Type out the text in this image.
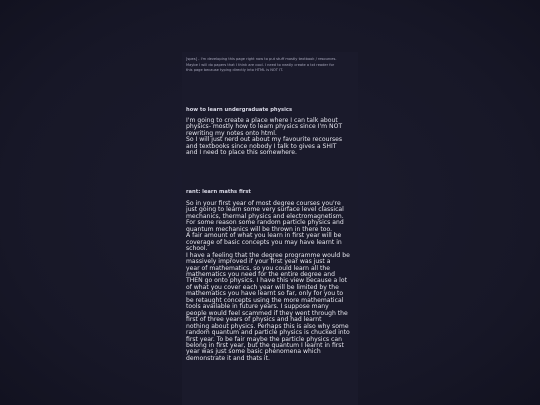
[spes] - I'm developing this page right now to put stuff mostly textbook / resources.
Maybe I will do papers that I think are cool. I need to neatly create a txt reader for
this page because typing directly into HTML is NOT IT.
how to learn undergraduate physics
I'm going to create a place where I can talk about
physics- mostly how to learn physics since I'm NOT
rewriting my notes onto html.
So I will just nerd out about my favourite recourses
and textbooks since nobody I talk to gives a SHIT
and I need to place this somewhere.
rant: learn maths first
So in your first year of most degree courses you're
just going to learn some very surface level classical
mechanics, thermal physics and electromagnetism.
For some reason some random particle physics and
quantum mechanics will be thrown in there too.
A fair amount of what you learn in first year will be
coverage of basic concepts you may have learnt in
school.
I have a feeling that the degree programme would be
massively improved if your first year was just a
year of mathematics, so you could learn all the
mathematics you need for the entire degree and
THEN go onto physics. I have this view because a lot
of what you cover each year will be limited by the
mathematics you have learnt so far, only for you to
be retaught concepts using the more mathematical
tools available in future years. I suppose many
people would feel scammed if they went through the
first of three years of physics and had learnt
nothing about physics. Perhaps this is also why some
random quantum and particle physics is chucked into
first year. To be fair maybe the particle physics can
belong in first year, but the quantum I learnt in first
year was just some basic phenomena which
demonstrate it and thats it.
